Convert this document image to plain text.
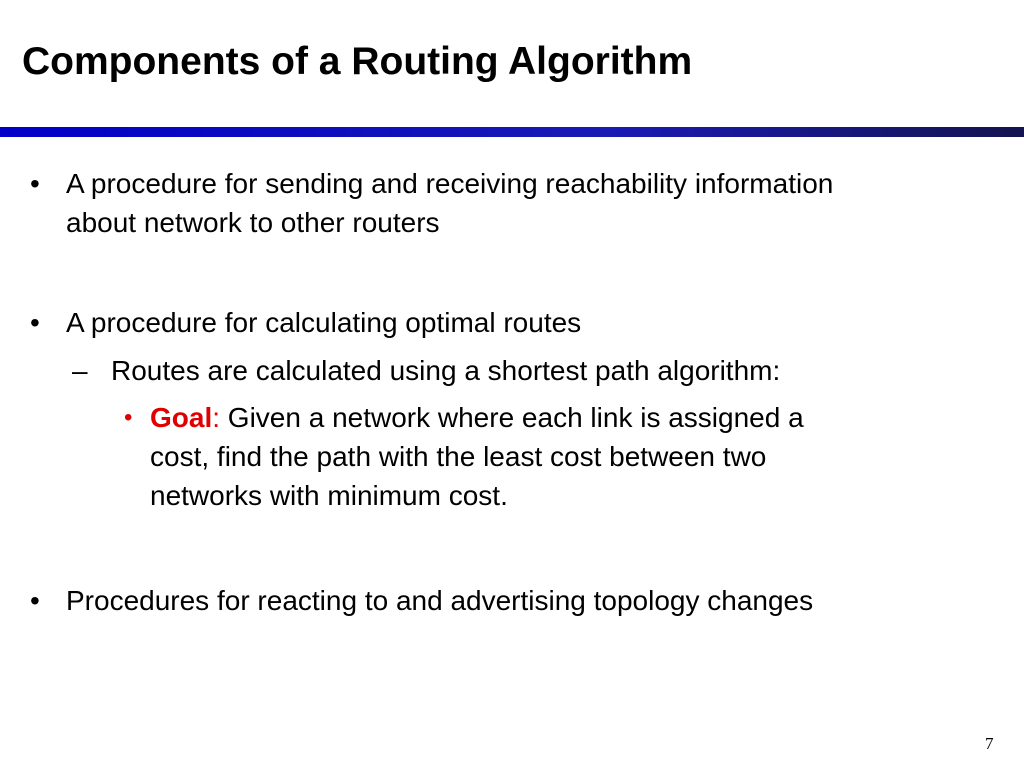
Components of a Routing Algorithm
• A procedure for sending and receiving reachability information
about network to other routers
• A procedure for calculating optimal routes
– Routes are calculated using a shortest path algorithm:
• Goal: Given a network where each link is assigned a
cost, find the path with the least cost between two
networks with minimum cost.
• Procedures for reacting to and advertising topology changes
7
